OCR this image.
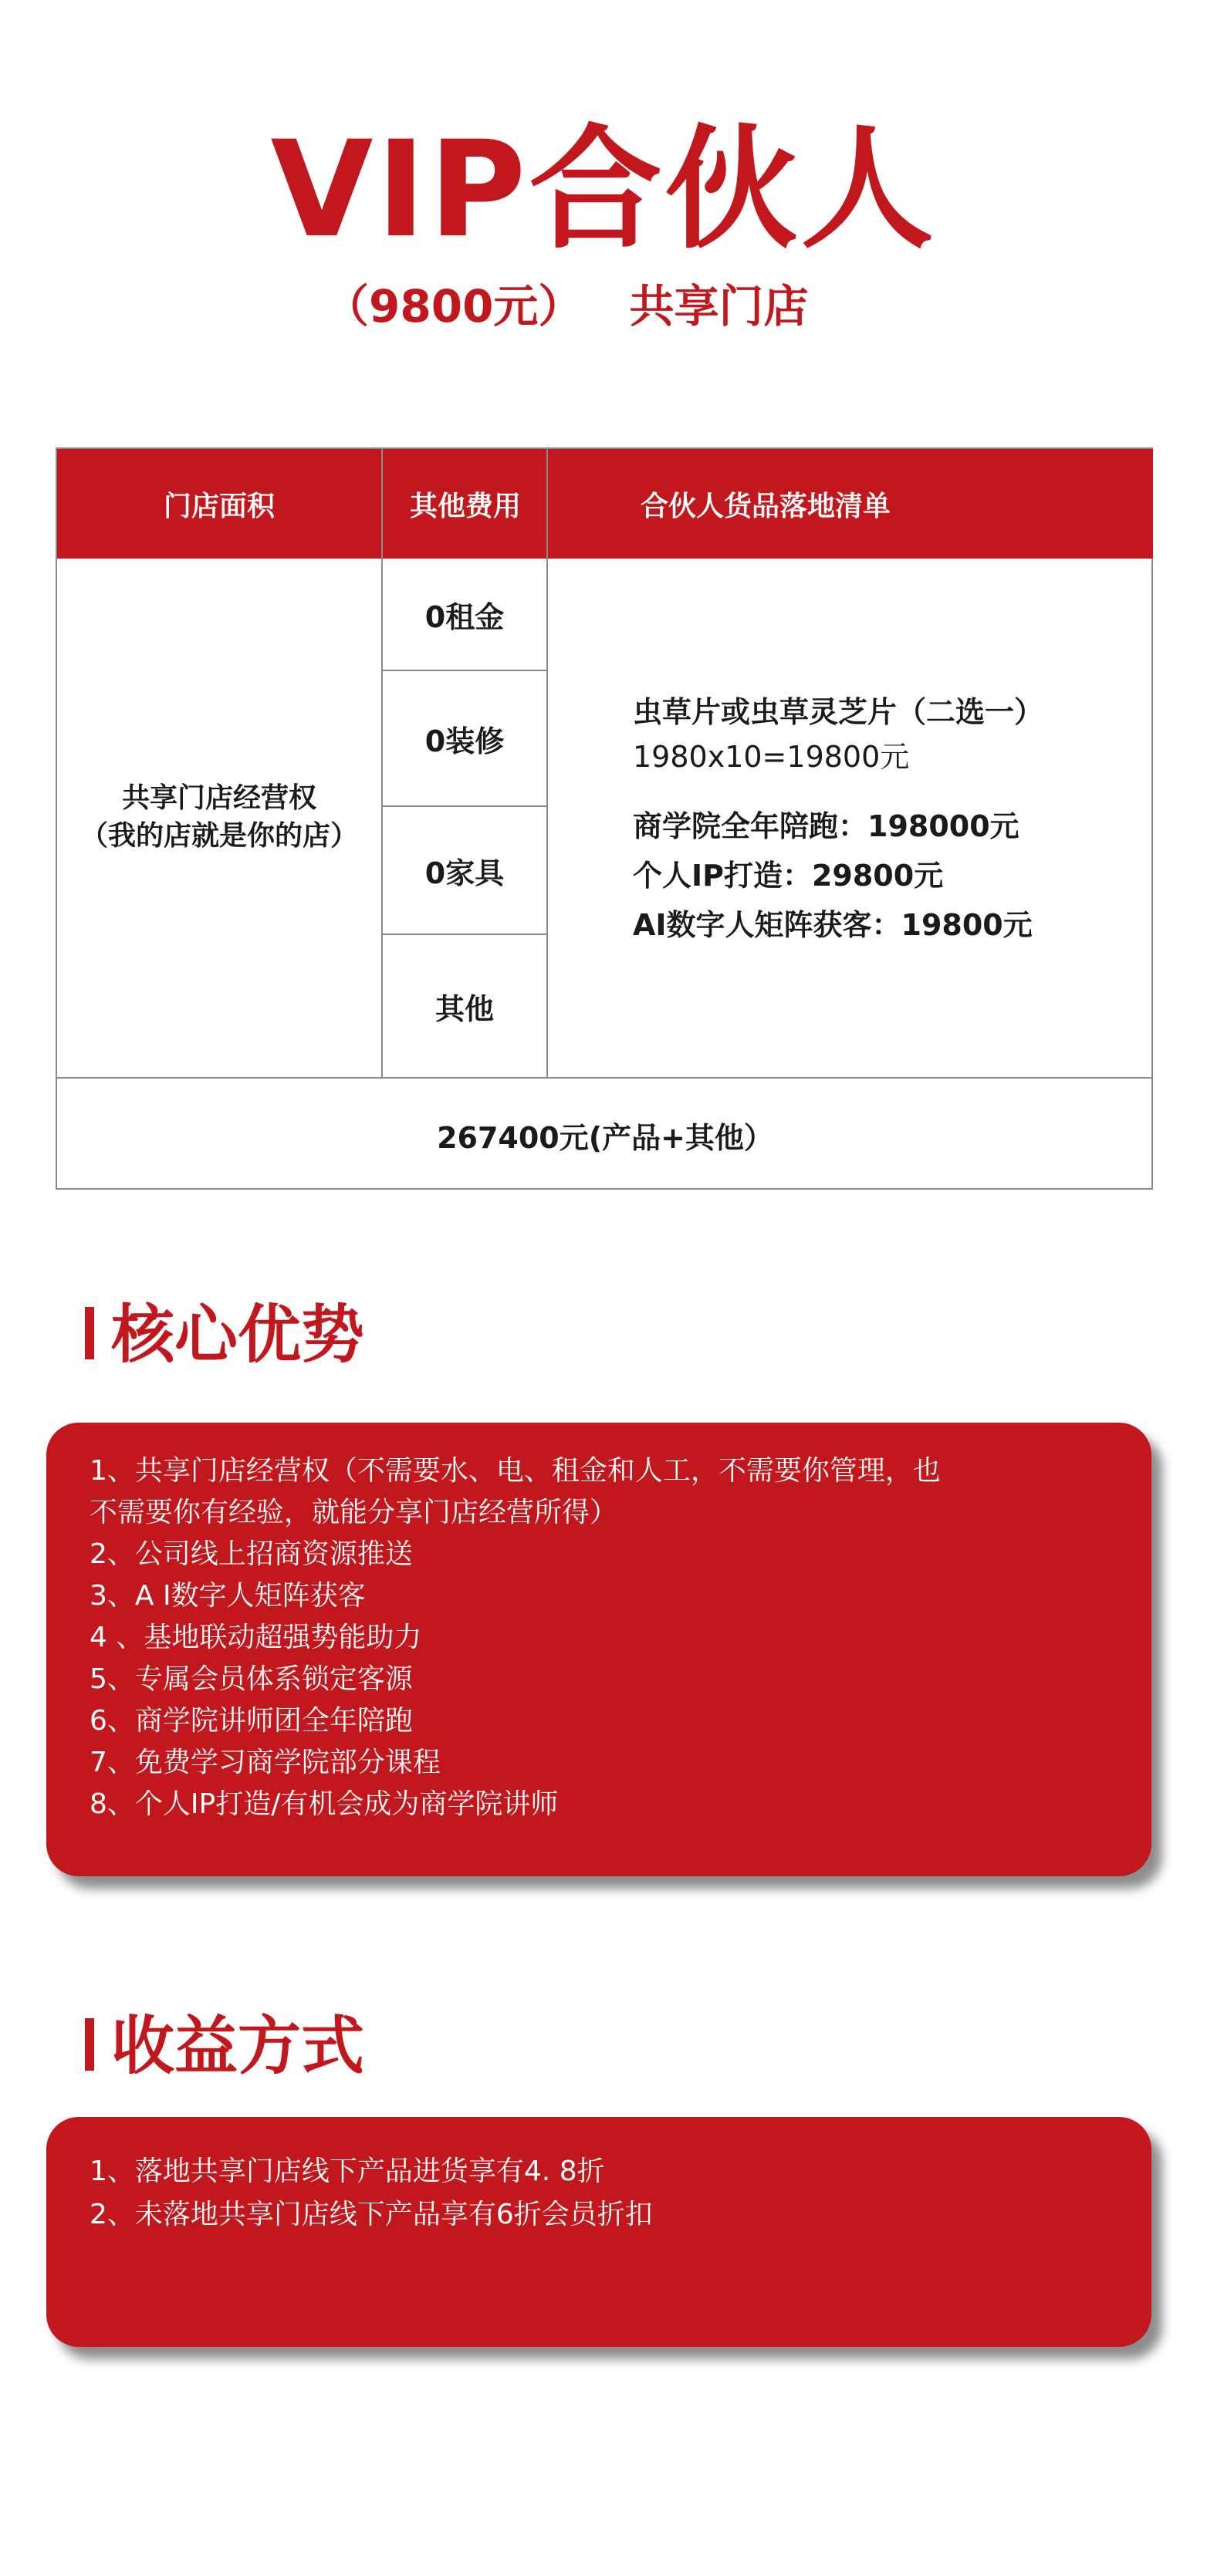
VIP合伙人
（9800元） 共享门店
门店面积	其他费用	合伙人货品落地清单
共享门店经营权
（我的店就是你的店）
0租金
0装修
0家具
其他
虫草片或虫草灵芝片（二选一）
1980x10=19800元
商学院全年陪跑：198000元
个人IP打造：29800元
AI数字人矩阵获客：19800元
267400元(产品+其他）
核心优势
1、共享门店经营权（不需要水、电、租金和人工，不需要你管理，也
不需要你有经验，就能分享门店经营所得）
2、公司线上招商资源推送
3、A I数字人矩阵获客
4 、基地联动超强势能助力
5、专属会员体系锁定客源
6、商学院讲师团全年陪跑
7、免费学习商学院部分课程
8、个人IP打造/有机会成为商学院讲师
收益方式
1、落地共享门店线下产品进货享有4. 8折
2、未落地共享门店线下产品享有6折会员折扣
